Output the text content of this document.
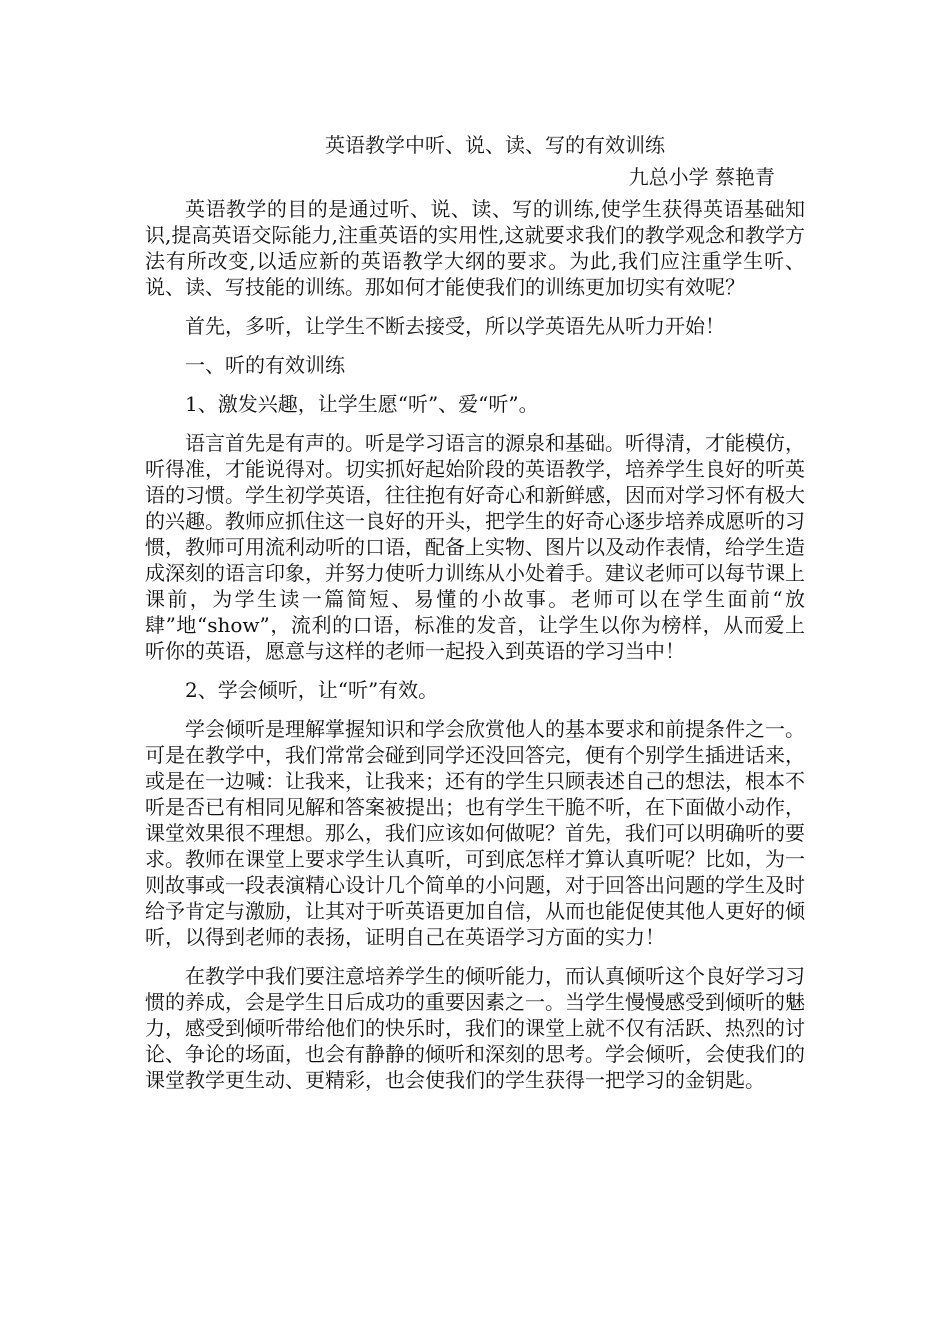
英语教学中听、说、读、写的有效训练

九总小学 蔡艳青

英语教学的目的是通过听、说、读、写的训练,使学生获得英语基础知识,提高英语交际能力,注重英语的实用性,这就要求我们的教学观念和教学方法有所改变,以适应新的英语教学大纲的要求。为此,我们应注重学生听、说、读、写技能的训练。那如何才能使我们的训练更加切实有效呢？

首先，多听，让学生不断去接受，所以学英语先从听力开始！

一、听的有效训练

1、激发兴趣，让学生愿“听”、爱“听”。

语言首先是有声的。听是学习语言的源泉和基础。听得清，才能模仿，听得准，才能说得对。切实抓好起始阶段的英语教学，培养学生良好的听英语的习惯。学生初学英语，往往抱有好奇心和新鲜感，因而对学习怀有极大的兴趣。教师应抓住这一良好的开头，把学生的好奇心逐步培养成愿听的习惯，教师可用流利动听的口语，配备上实物、图片以及动作表情，给学生造成深刻的语言印象，并努力使听力训练从小处着手。建议老师可以每节课上课前，为学生读一篇简短、易懂的小故事。老师可以在学生面前“放肆”地“show”，流利的口语，标准的发音，让学生以你为榜样，从而爱上听你的英语，愿意与这样的老师一起投入到英语的学习当中！

2、学会倾听，让“听”有效。

学会倾听是理解掌握知识和学会欣赏他人的基本要求和前提条件之一。可是在教学中，我们常常会碰到同学还没回答完，便有个别学生插进话来，或是在一边喊：让我来，让我来；还有的学生只顾表述自己的想法，根本不听是否已有相同见解和答案被提出；也有学生干脆不听，在下面做小动作，课堂效果很不理想。那么，我们应该如何做呢？首先，我们可以明确听的要求。教师在课堂上要求学生认真听，可到底怎样才算认真听呢？比如，为一则故事或一段表演精心设计几个简单的小问题，对于回答出问题的学生及时给予肯定与激励，让其对于听英语更加自信，从而也能促使其他人更好的倾听，以得到老师的表扬，证明自己在英语学习方面的实力！

在教学中我们要注意培养学生的倾听能力，而认真倾听这个良好学习习惯的养成，会是学生日后成功的重要因素之一。当学生慢慢感受到倾听的魅力，感受到倾听带给他们的快乐时，我们的课堂上就不仅有活跃、热烈的讨论、争论的场面，也会有静静的倾听和深刻的思考。学会倾听，会使我们的课堂教学更生动、更精彩，也会使我们的学生获得一把学习的金钥匙。
